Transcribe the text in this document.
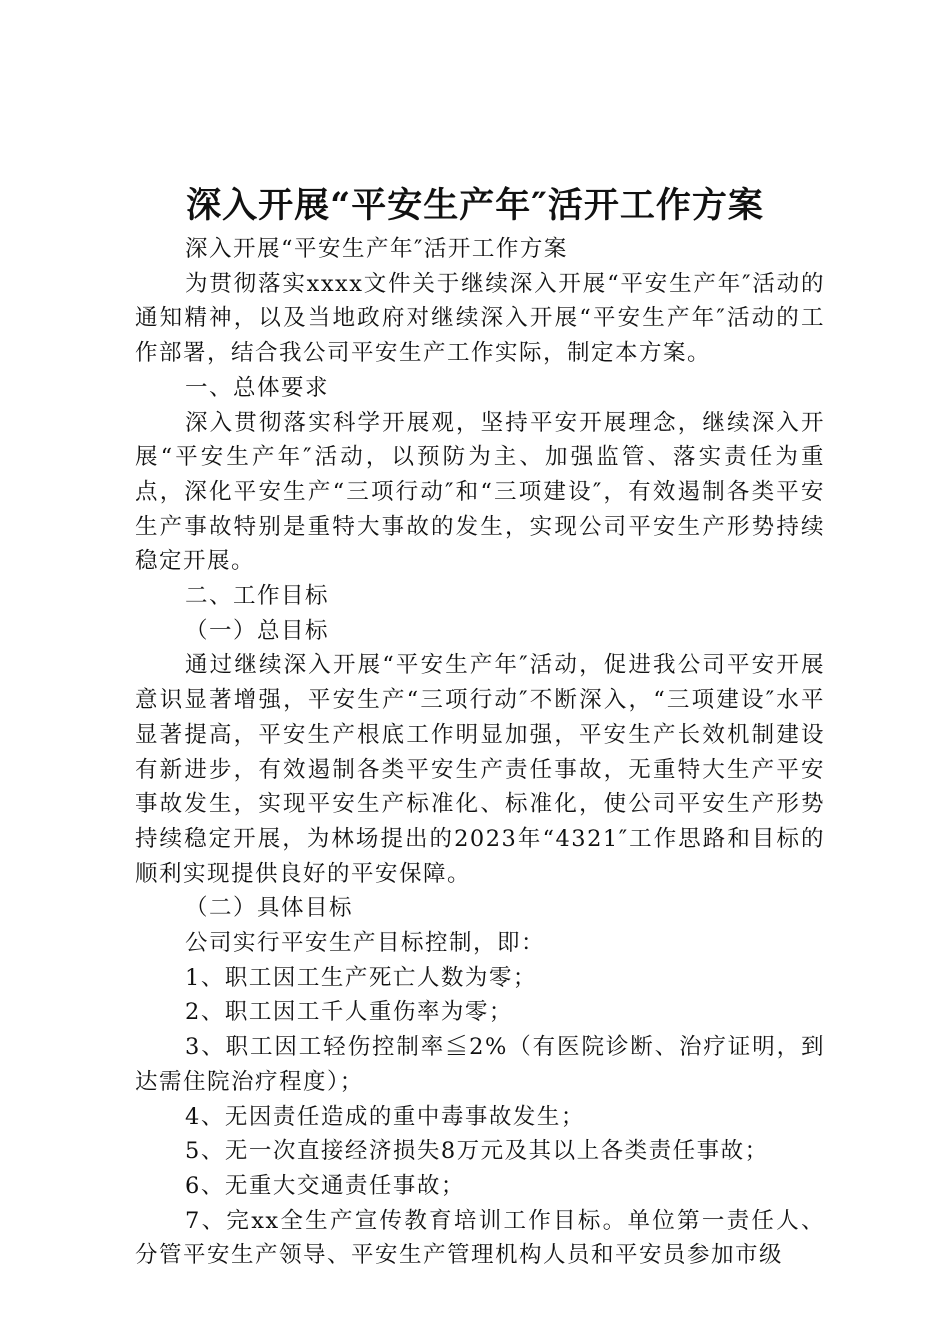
深入开展“平安生产年″活开工作方案

深入开展“平安生产年″活开工作方案

为贯彻落实xxxx文件关于继续深入开展“平安生产年″活动的通知精神，以及当地政府对继续深入开展“平安生产年″活动的工作部署，结合我公司平安生产工作实际，制定本方案。

一、总体要求

深入贯彻落实科学开展观，坚持平安开展理念，继续深入开展“平安生产年″活动，以预防为主、加强监管、落实责任为重点，深化平安生产“三项行动″和“三项建设″，有效遏制各类平安生产事故特别是重特大事故的发生，实现公司平安生产形势持续稳定开展。

二、工作目标

（一）总目标

通过继续深入开展“平安生产年″活动，促进我公司平安开展意识显著增强，平安生产“三项行动″不断深入，“三项建设″水平显著提高，平安生产根底工作明显加强，平安生产长效机制建设有新进步，有效遏制各类平安生产责任事故，无重特大生产平安事故发生，实现平安生产标准化、标准化，使公司平安生产形势持续稳定开展，为林场提出的2023年“4321″工作思路和目标的顺利实现提供良好的平安保障。

（二）具体目标

公司实行平安生产目标控制，即：

1、职工因工生产死亡人数为零；

2、职工因工千人重伤率为零；

3、职工因工轻伤控制率≦2%（有医院诊断、治疗证明，到达需住院治疗程度）；

4、无因责任造成的重中毒事故发生；

5、无一次直接经济损失8万元及其以上各类责任事故；

6、无重大交通责任事故；

7、完xx全生产宣传教育培训工作目标。单位第一责任人、分管平安生产领导、平安生产管理机构人员和平安员参加市级
